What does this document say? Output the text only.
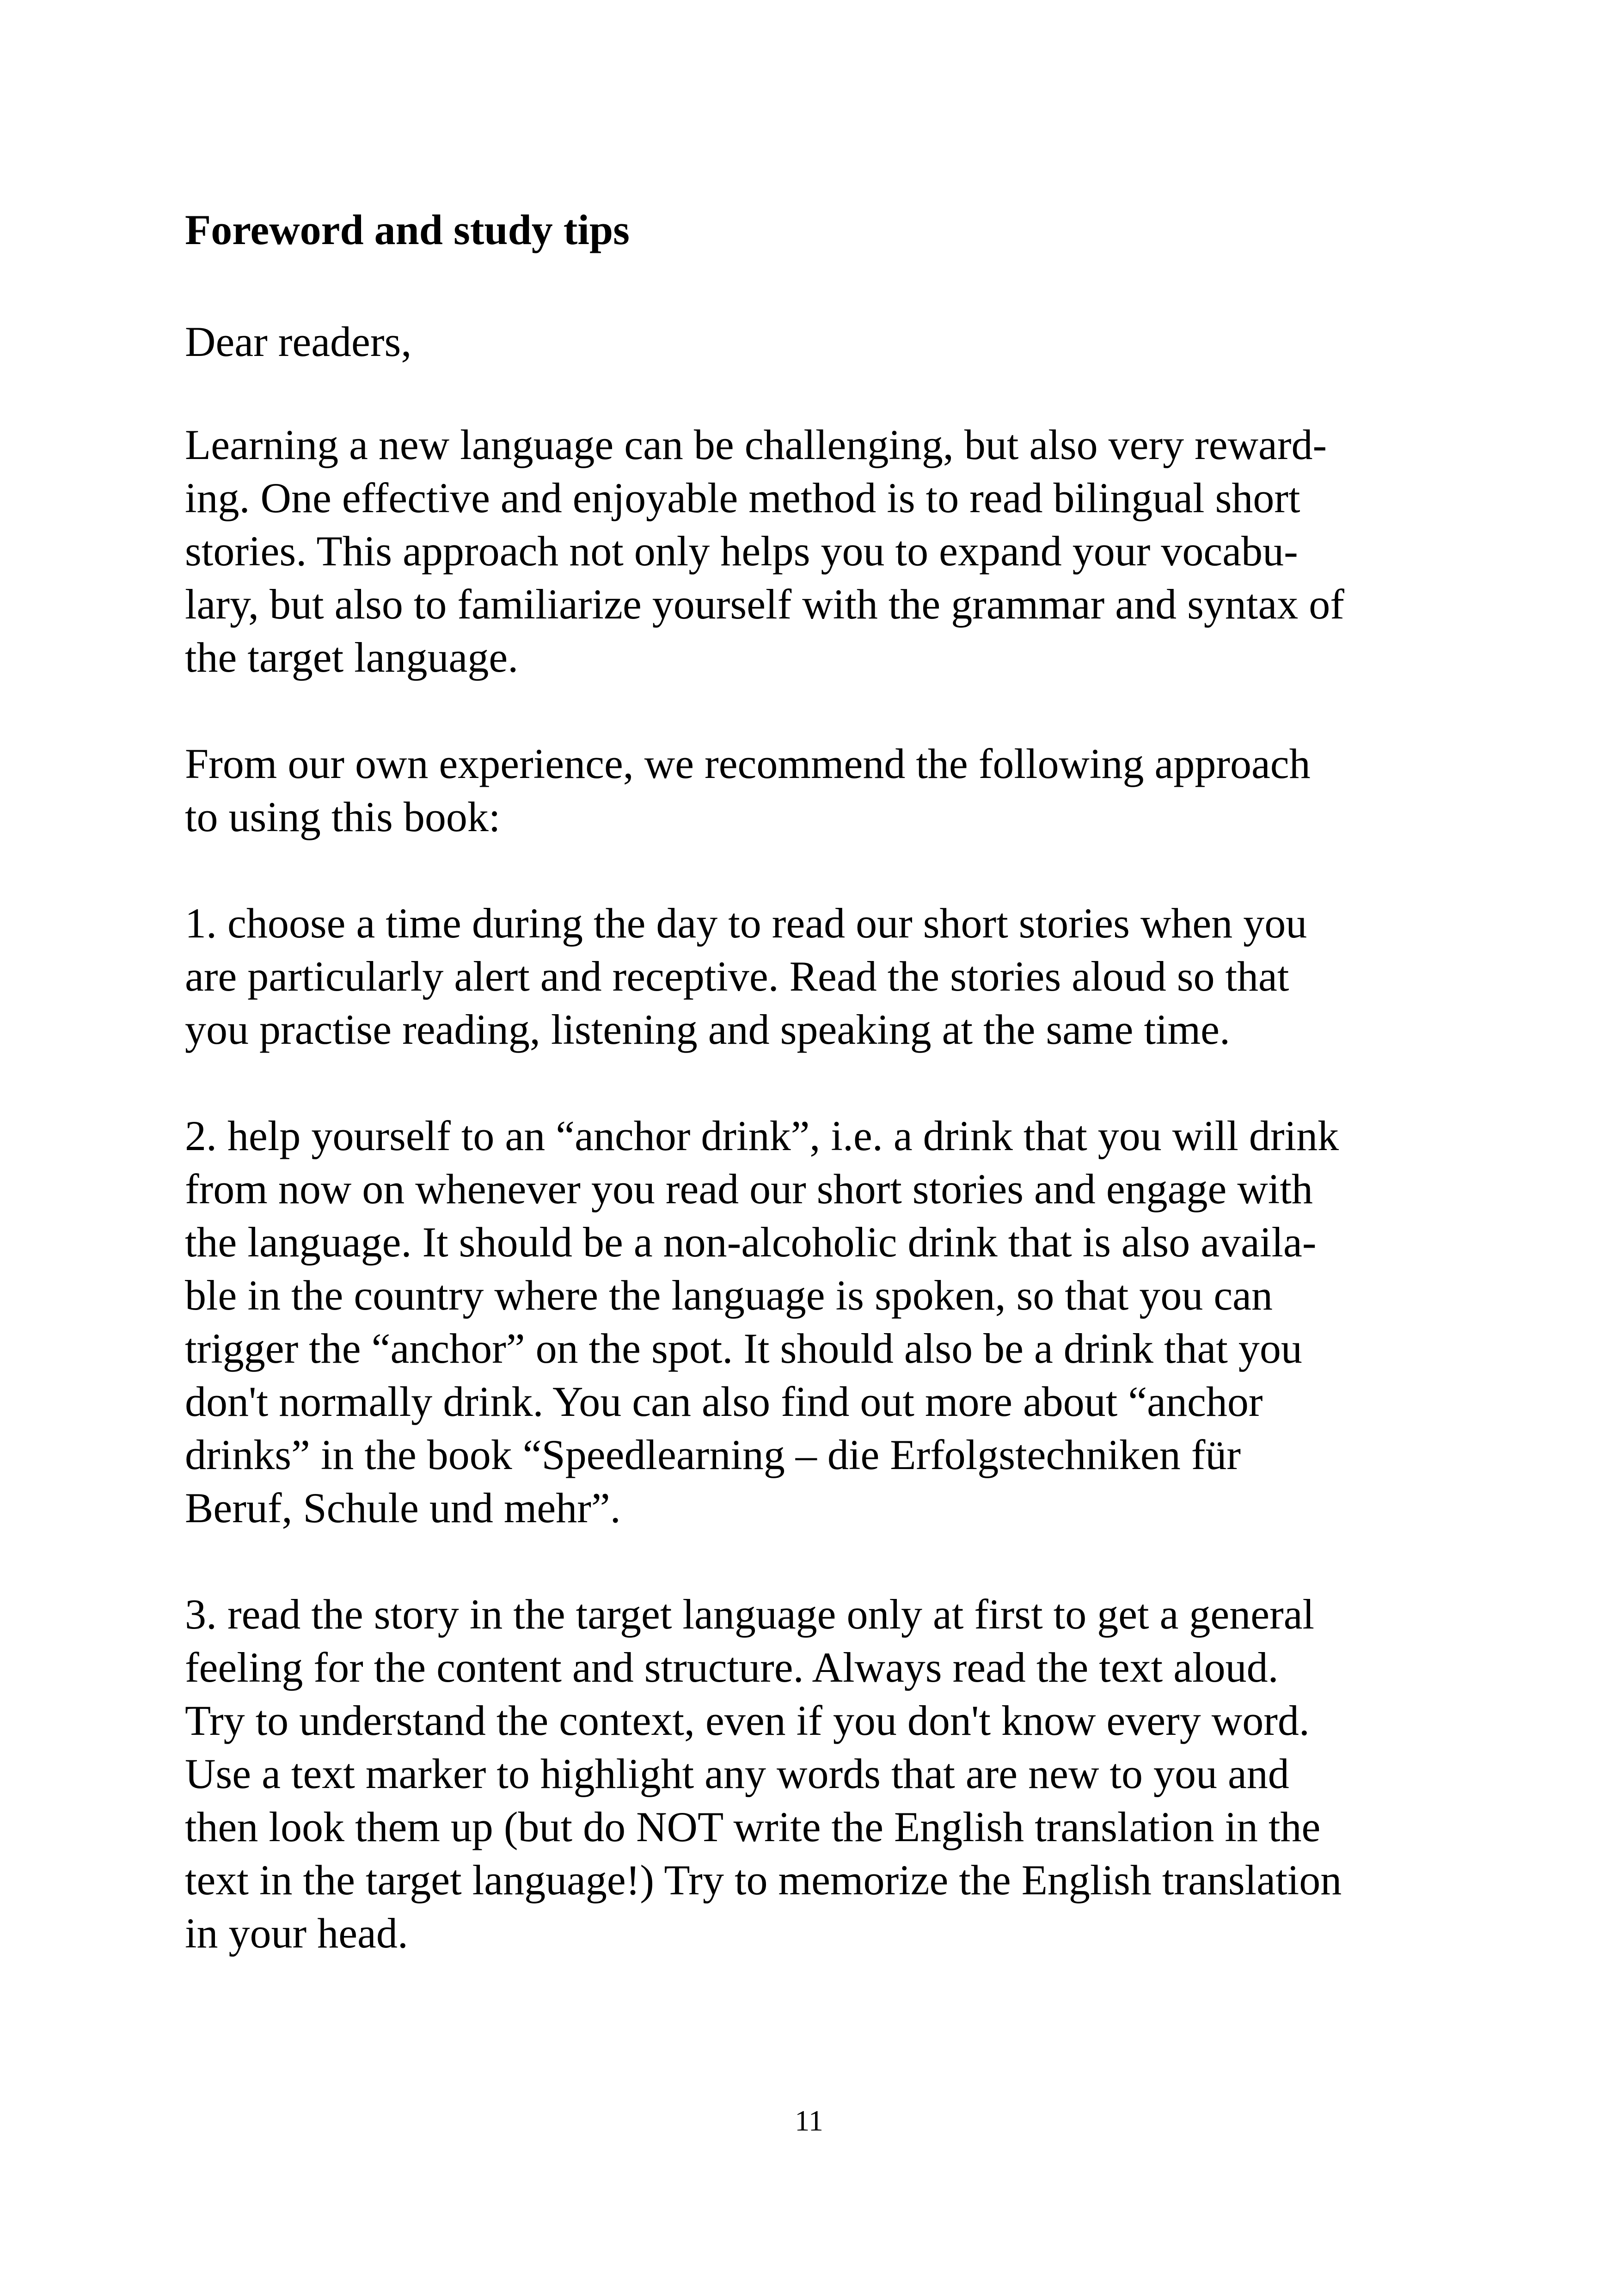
Foreword and study tips

Dear readers,

Learning a new language can be challenging, but also very reward-
ing. One effective and enjoyable method is to read bilingual short
stories. This approach not only helps you to expand your vocabu-
lary, but also to familiarize yourself with the grammar and syntax of
the target language.

From our own experience, we recommend the following approach
to using this book:

1. choose a time during the day to read our short stories when you
are particularly alert and receptive. Read the stories aloud so that
you practise reading, listening and speaking at the same time.

2. help yourself to an “anchor drink”, i.e. a drink that you will drink
from now on whenever you read our short stories and engage with
the language. It should be a non-alcoholic drink that is also availa-
ble in the country where the language is spoken, so that you can
trigger the “anchor” on the spot. It should also be a drink that you
don't normally drink. You can also find out more about “anchor
drinks” in the book “Speedlearning – die Erfolgstechniken für
Beruf, Schule und mehr”.

3. read the story in the target language only at first to get a general
feeling for the content and structure. Always read the text aloud.
Try to understand the context, even if you don't know every word.
Use a text marker to highlight any words that are new to you and
then look them up (but do NOT write the English translation in the
text in the target language!) Try to memorize the English translation
in your head.

11
